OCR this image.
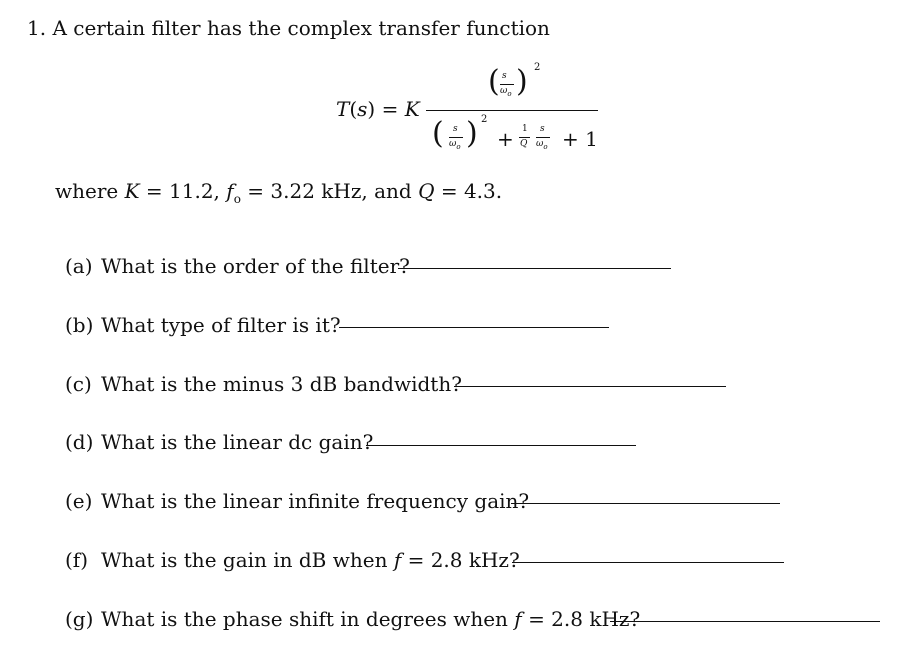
1. A certain filter has the complex transfer function
T(s) = K
( s
$\omega_o$ ) 2
( s
$\omega_o$ ) 2
+ 1
Q
s
$\omega_o + 1$
where K = 11.2, $f_o = 3.22$ kHz, and Q = 4.3.
(a) What is the order of the filter?
(b) What type of filter is it?
(c) What is the minus 3 dB bandwidth?
(d) What is the linear dc gain?
(e) What is the linear infinite frequency gain?
(f) What is the gain in dB when f = 2.8 kHz?
(g) What is the phase shift in degrees when f = 2.8 kHz?
